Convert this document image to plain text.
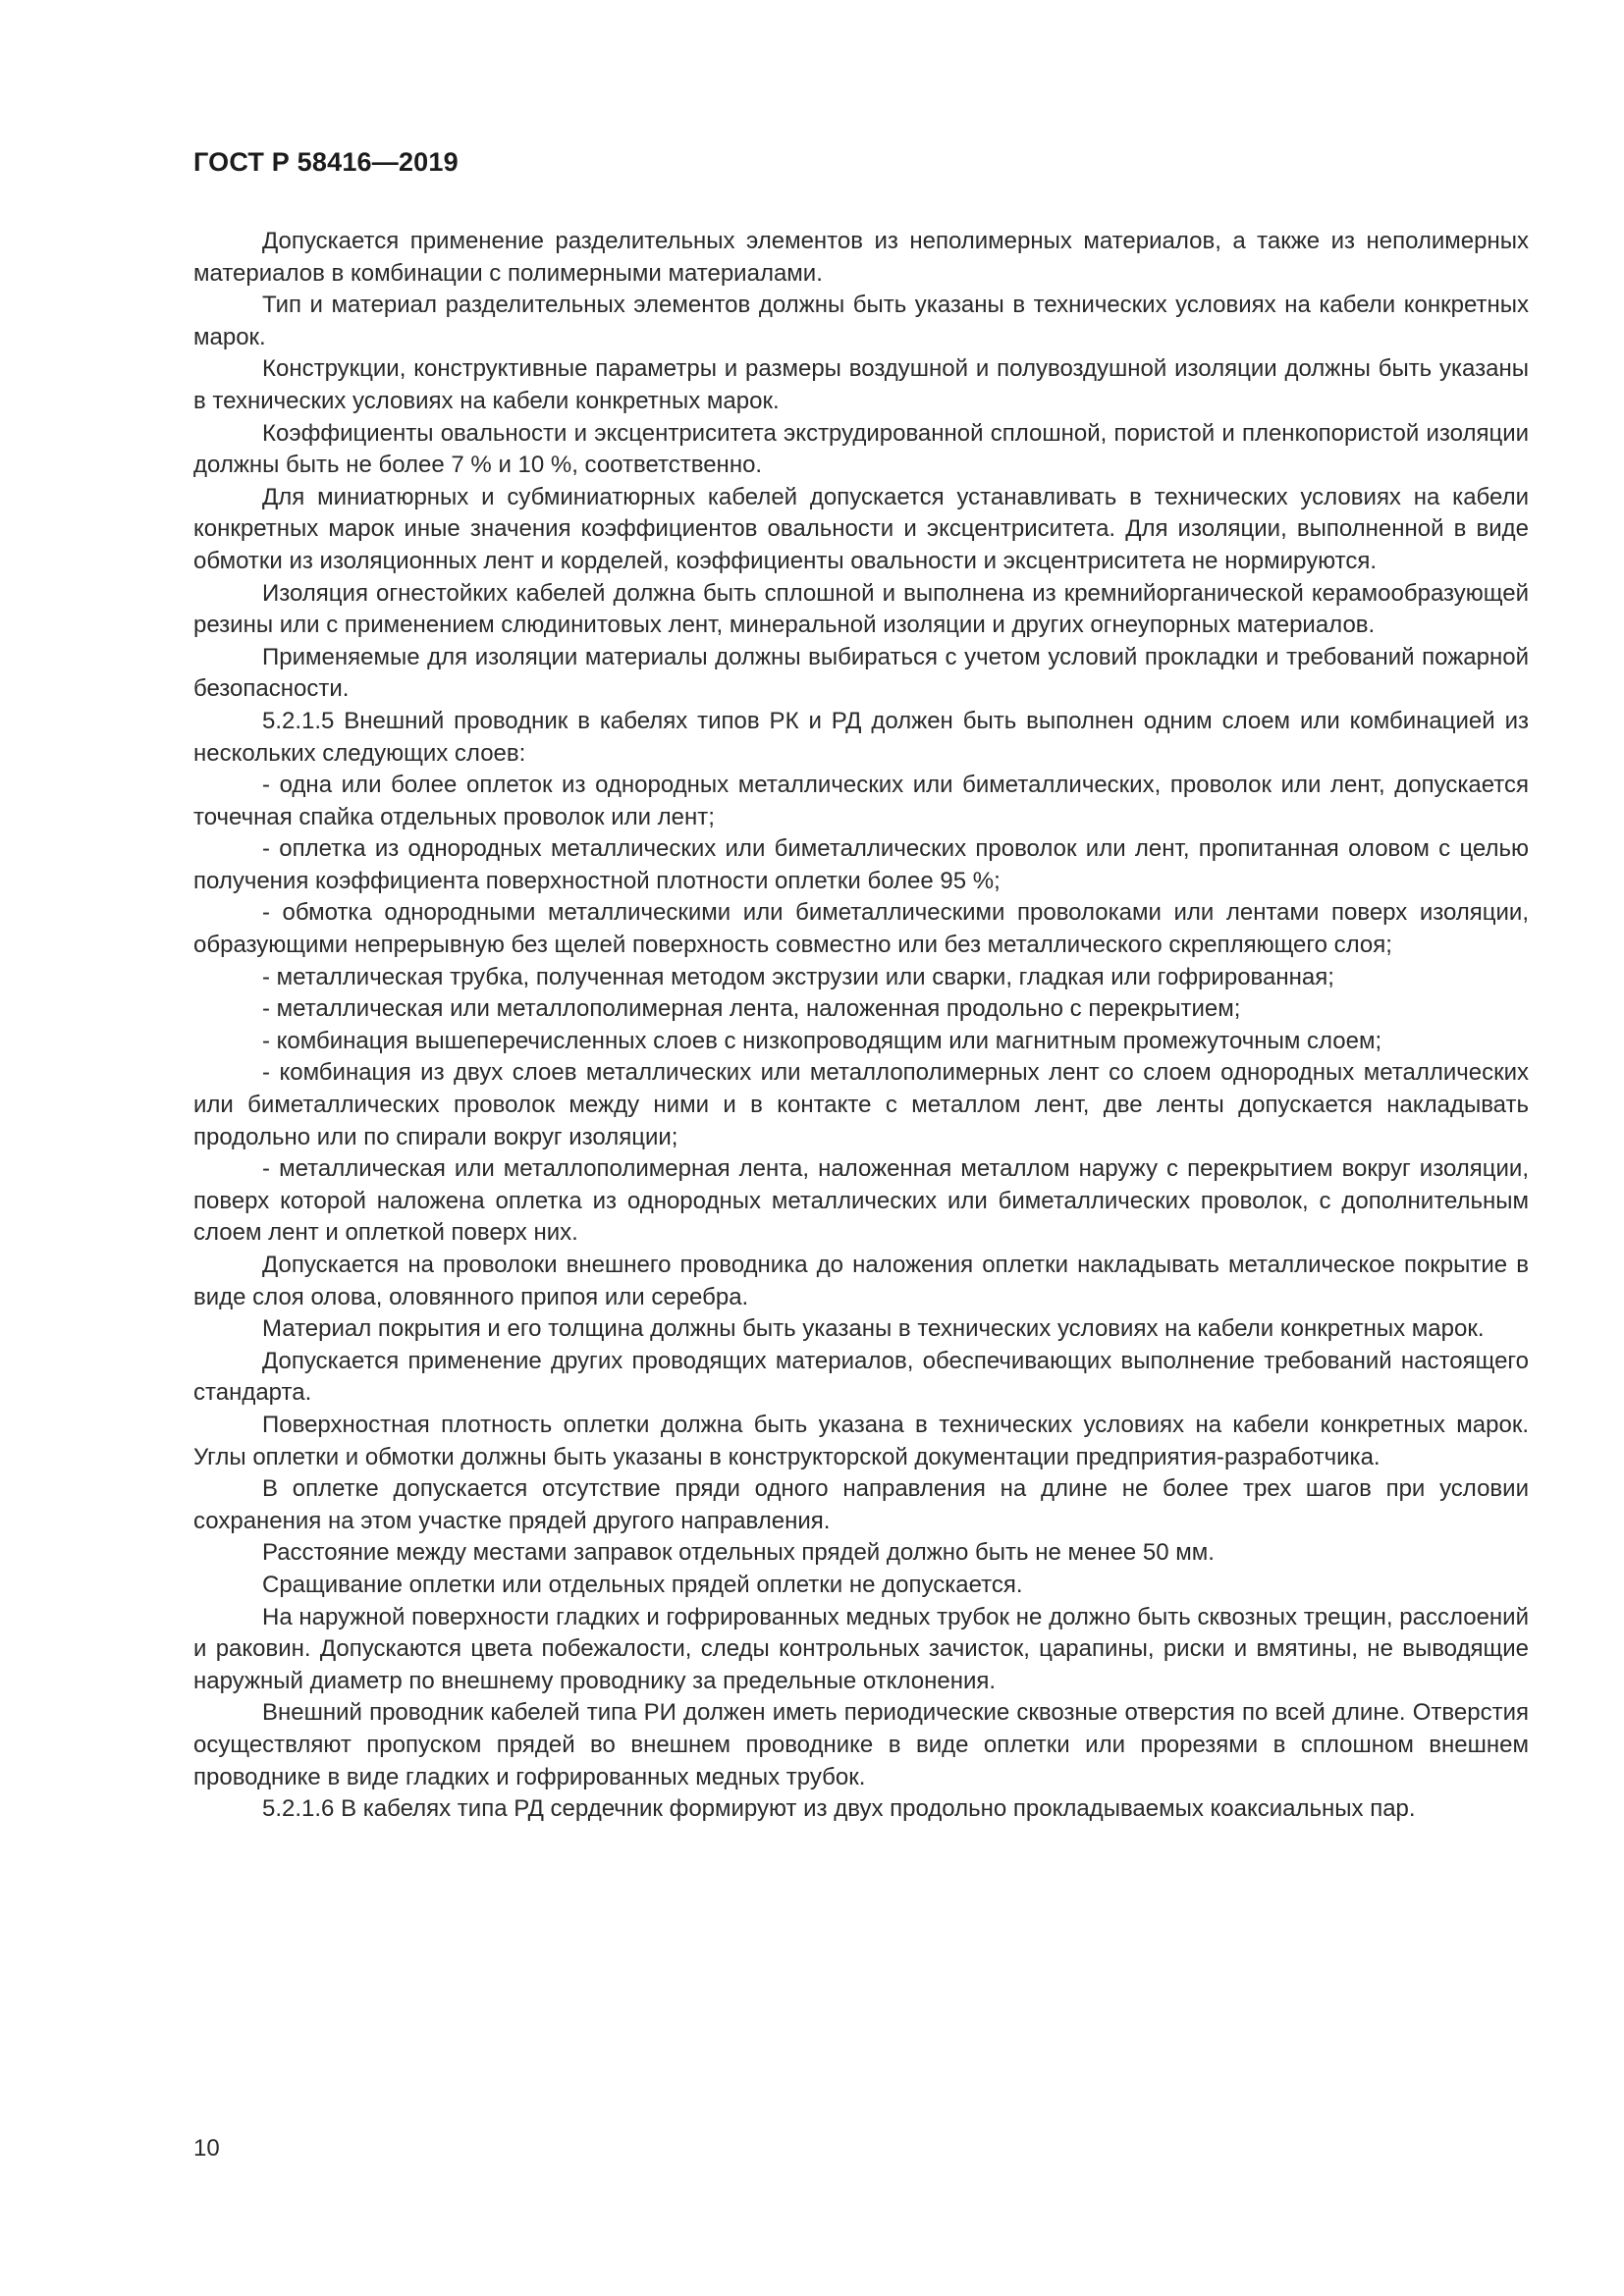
ГОСТ Р 58416—2019

Допускается применение разделительных элементов из неполимерных материалов, а также из неполимерных материалов в комбинации с полимерными материалами.

Тип и материал разделительных элементов должны быть указаны в технических условиях на кабели конкретных марок.

Конструкции, конструктивные параметры и размеры воздушной и полувоздушной изоляции должны быть указаны в технических условиях на кабели конкретных марок.

Коэффициенты овальности и эксцентриситета экструдированной сплошной, пористой и пленкопористой изоляции должны быть не более 7 % и 10 %, соответственно.

Для миниатюрных и субминиатюрных кабелей допускается устанавливать в технических условиях на кабели конкретных марок иные значения коэффициентов овальности и эксцентриситета. Для изоляции, выполненной в виде обмотки из изоляционных лент и корделей, коэффициенты овальности и эксцентриситета не нормируются.

Изоляция огнестойких кабелей должна быть сплошной и выполнена из кремнийорганической керамообразующей резины или с применением слюдинитовых лент, минеральной изоляции и других огнеупорных материалов.

Применяемые для изоляции материалы должны выбираться с учетом условий прокладки и требований пожарной безопасности.

5.2.1.5 Внешний проводник в кабелях типов РК и РД должен быть выполнен одним слоем или комбинацией из нескольких следующих слоев:

- одна или более оплеток из однородных металлических или биметаллических, проволок или лент, допускается точечная спайка отдельных проволок или лент;

- оплетка из однородных металлических или биметаллических проволок или лент, пропитанная оловом с целью получения коэффициента поверхностной плотности оплетки более 95 %;

- обмотка однородными металлическими или биметаллическими проволоками или лентами поверх изоляции, образующими непрерывную без щелей поверхность совместно или без металлического скрепляющего слоя;

- металлическая трубка, полученная методом экструзии или сварки, гладкая или гофрированная;

- металлическая или металлополимерная лента, наложенная продольно с перекрытием;

- комбинация вышеперечисленных слоев с низкопроводящим или магнитным промежуточным слоем;

- комбинация из двух слоев металлических или металлополимерных лент со слоем однородных металлических или биметаллических проволок между ними и в контакте с металлом лент, две ленты допускается накладывать продольно или по спирали вокруг изоляции;

- металлическая или металлополимерная лента, наложенная металлом наружу с перекрытием вокруг изоляции, поверх которой наложена оплетка из однородных металлических или биметаллических проволок, с дополнительным слоем лент и оплеткой поверх них.

Допускается на проволоки внешнего проводника до наложения оплетки накладывать металлическое покрытие в виде слоя олова, оловянного припоя или серебра.

Материал покрытия и его толщина должны быть указаны в технических условиях на кабели конкретных марок.

Допускается применение других проводящих материалов, обеспечивающих выполнение требований настоящего стандарта.

Поверхностная плотность оплетки должна быть указана в технических условиях на кабели конкретных марок. Углы оплетки и обмотки должны быть указаны в конструкторской документации предприятия-разработчика.

В оплетке допускается отсутствие пряди одного направления на длине не более трех шагов при условии сохранения на этом участке прядей другого направления.

Расстояние между местами заправок отдельных прядей должно быть не менее 50 мм.

Сращивание оплетки или отдельных прядей оплетки не допускается.

На наружной поверхности гладких и гофрированных медных трубок не должно быть сквозных трещин, расслоений и раковин. Допускаются цвета побежалости, следы контрольных зачисток, царапины, риски и вмятины, не выводящие наружный диаметр по внешнему проводнику за предельные отклонения.

Внешний проводник кабелей типа РИ должен иметь периодические сквозные отверстия по всей длине. Отверстия осуществляют пропуском прядей во внешнем проводнике в виде оплетки или прорезями в сплошном внешнем проводнике в виде гладких и гофрированных медных трубок.

5.2.1.6 В кабелях типа РД сердечник формируют из двух продольно прокладываемых коаксиальных пар.

10
